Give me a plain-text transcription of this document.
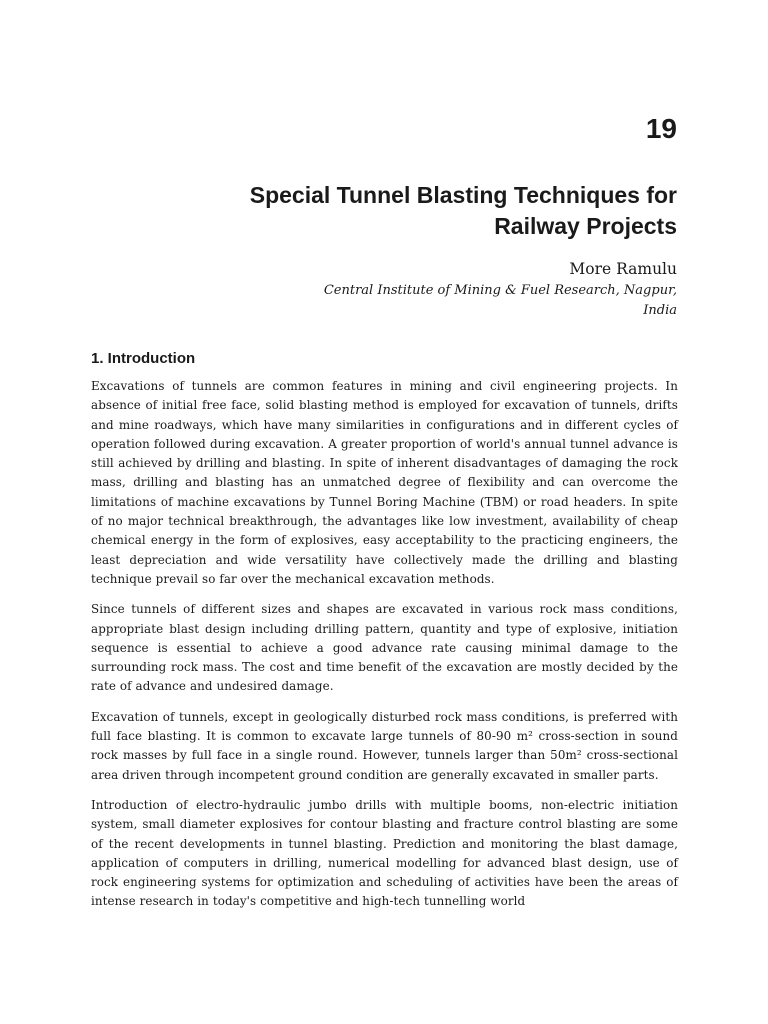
19
Special Tunnel Blasting Techniques for Railway Projects

More Ramulu

Central Institute of Mining & Fuel Research, Nagpur, India

1. Introduction

Excavations of tunnels are common features in mining and civil engineering projects. In absence of initial free face, solid blasting method is employed for excavation of tunnels, drifts and mine roadways, which have many similarities in configurations and in different cycles of operation followed during excavation. A greater proportion of world's annual tunnel advance is still achieved by drilling and blasting. In spite of inherent disadvantages of damaging the rock mass, drilling and blasting has an unmatched degree of flexibility and can overcome the limitations of machine excavations by Tunnel Boring Machine (TBM) or road headers. In spite of no major technical breakthrough, the advantages like low investment, availability of cheap chemical energy in the form of explosives, easy acceptability to the practicing engineers, the least depreciation and wide versatility have collectively made the drilling and blasting technique prevail so far over the mechanical excavation methods.

Since tunnels of different sizes and shapes are excavated in various rock mass conditions, appropriate blast design including drilling pattern, quantity and type of explosive, initiation sequence is essential to achieve a good advance rate causing minimal damage to the surrounding rock mass. The cost and time benefit of the excavation are mostly decided by the rate of advance and undesired damage.

Excavation of tunnels, except in geologically disturbed rock mass conditions, is preferred with full face blasting. It is common to excavate large tunnels of 80-90 m² cross-section in sound rock masses by full face in a single round. However, tunnels larger than 50m² cross-sectional area driven through incompetent ground condition are generally excavated in smaller parts.

Introduction of electro-hydraulic jumbo drills with multiple booms, non-electric initiation system, small diameter explosives for contour blasting and fracture control blasting are some of the recent developments in tunnel blasting. Prediction and monitoring the blast damage, application of computers in drilling, numerical modelling for advanced blast design, use of rock engineering systems for optimization and scheduling of activities have been the areas of intense research in today's competitive and high-tech tunnelling world
